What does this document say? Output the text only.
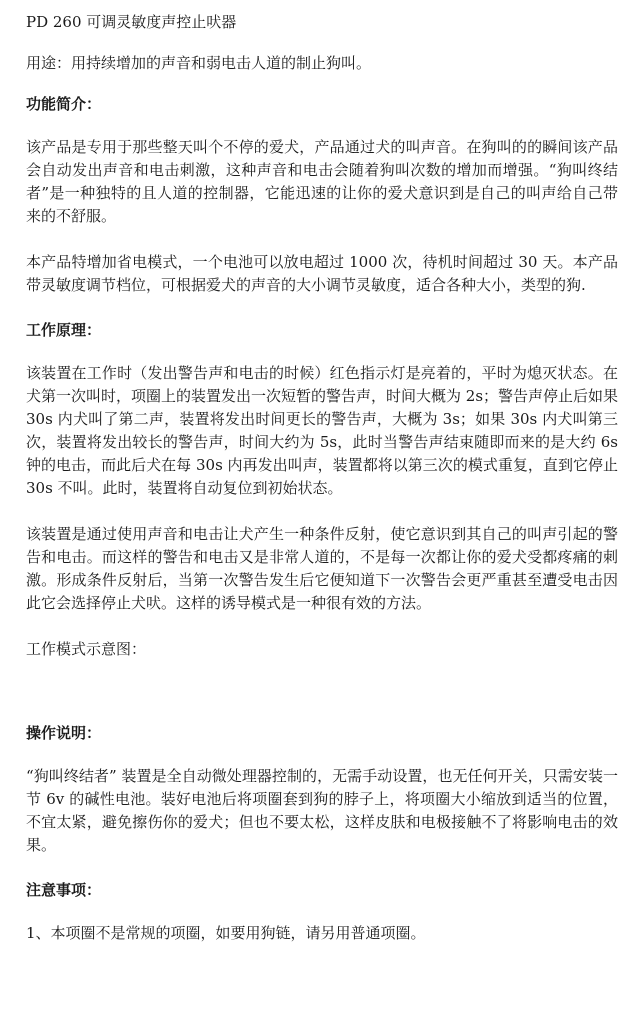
PD 260 可调灵敏度声控止吠器
用途：用持续增加的声音和弱电击人道的制止狗叫。
功能简介：

该产品是专用于那些整天叫个不停的爱犬，产品通过犬的叫声音。在狗叫的的瞬间该产品会自动发出声音和电击刺激，这种声音和电击会随着狗叫次数的增加而增强。“狗叫终结者”是一种独特的且人道的控制器，它能迅速的让你的爱犬意识到是自己的叫声给自己带来的不舒服。

本产品特增加省电模式，一个电池可以放电超过 1000 次，待机时间超过 30 天。本产品带灵敏度调节档位，可根据爱犬的声音的大小调节灵敏度，适合各种大小，类型的狗.

工作原理：

该装置在工作时（发出警告声和电击的时候）红色指示灯是亮着的，平时为熄灭状态。在犬第一次叫时，项圈上的装置发出一次短暂的警告声，时间大概为 2s；警告声停止后如果 30s 内犬叫了第二声，装置将发出时间更长的警告声，大概为 3s；如果 30s 内犬叫第三次，装置将发出较长的警告声，时间大约为 5s，此时当警告声结束随即而来的是大约 6s 钟的电击，而此后犬在每 30s 内再发出叫声，装置都将以第三次的模式重复，直到它停止 30s 不叫。此时，装置将自动复位到初始状态。

该装置是通过使用声音和电击让犬产生一种条件反射，使它意识到其自己的叫声引起的警告和电击。而这样的警告和电击又是非常人道的，不是每一次都让你的爱犬受都疼痛的刺激。形成条件反射后，当第一次警告发生后它便知道下一次警告会更严重甚至遭受电击因此它会选择停止犬吠。这样的诱导模式是一种很有效的方法。

工作模式示意图：
操作说明：

“狗叫终结者” 装置是全自动微处理器控制的，无需手动设置，也无任何开关，只需安装一节 6v 的碱性电池。装好电池后将项圈套到狗的脖子上，将项圈大小缩放到适当的位置，不宜太紧，避免擦伤你的爱犬；但也不要太松，这样皮肤和电极接触不了将影响电击的效果。

注意事项：

1、本项圈不是常规的项圈，如要用狗链，请另用普通项圈。
